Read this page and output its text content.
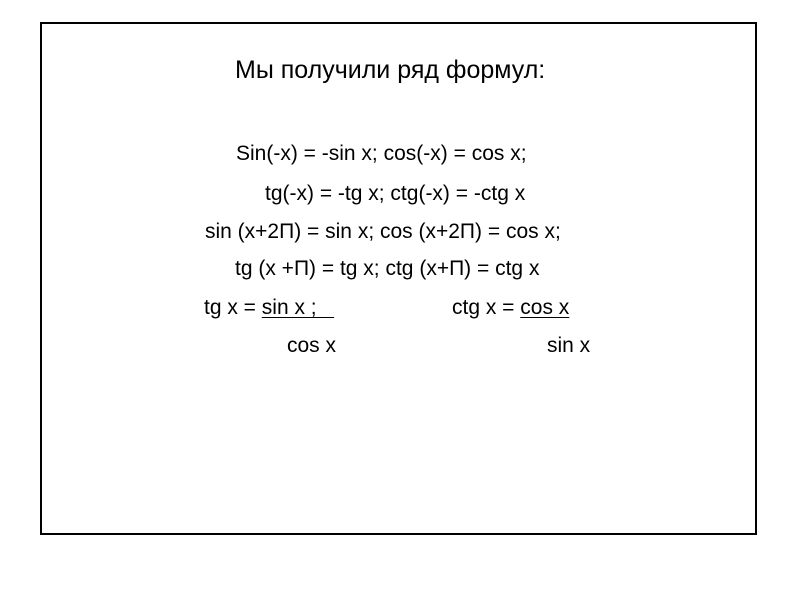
Мы получили ряд формул:
Sin(-x) = -sin x; cos(-x) = cos x;
tg(-x) = -tg x; ctg(-x) = -ctg x
sin (x+2П) = sin x; cos (x+2П) = cos x;
tg (x +П) = tg x; ctg (x+П) = ctg x
tg x = sin x ;
cos x
ctg x = cos x
sin x
